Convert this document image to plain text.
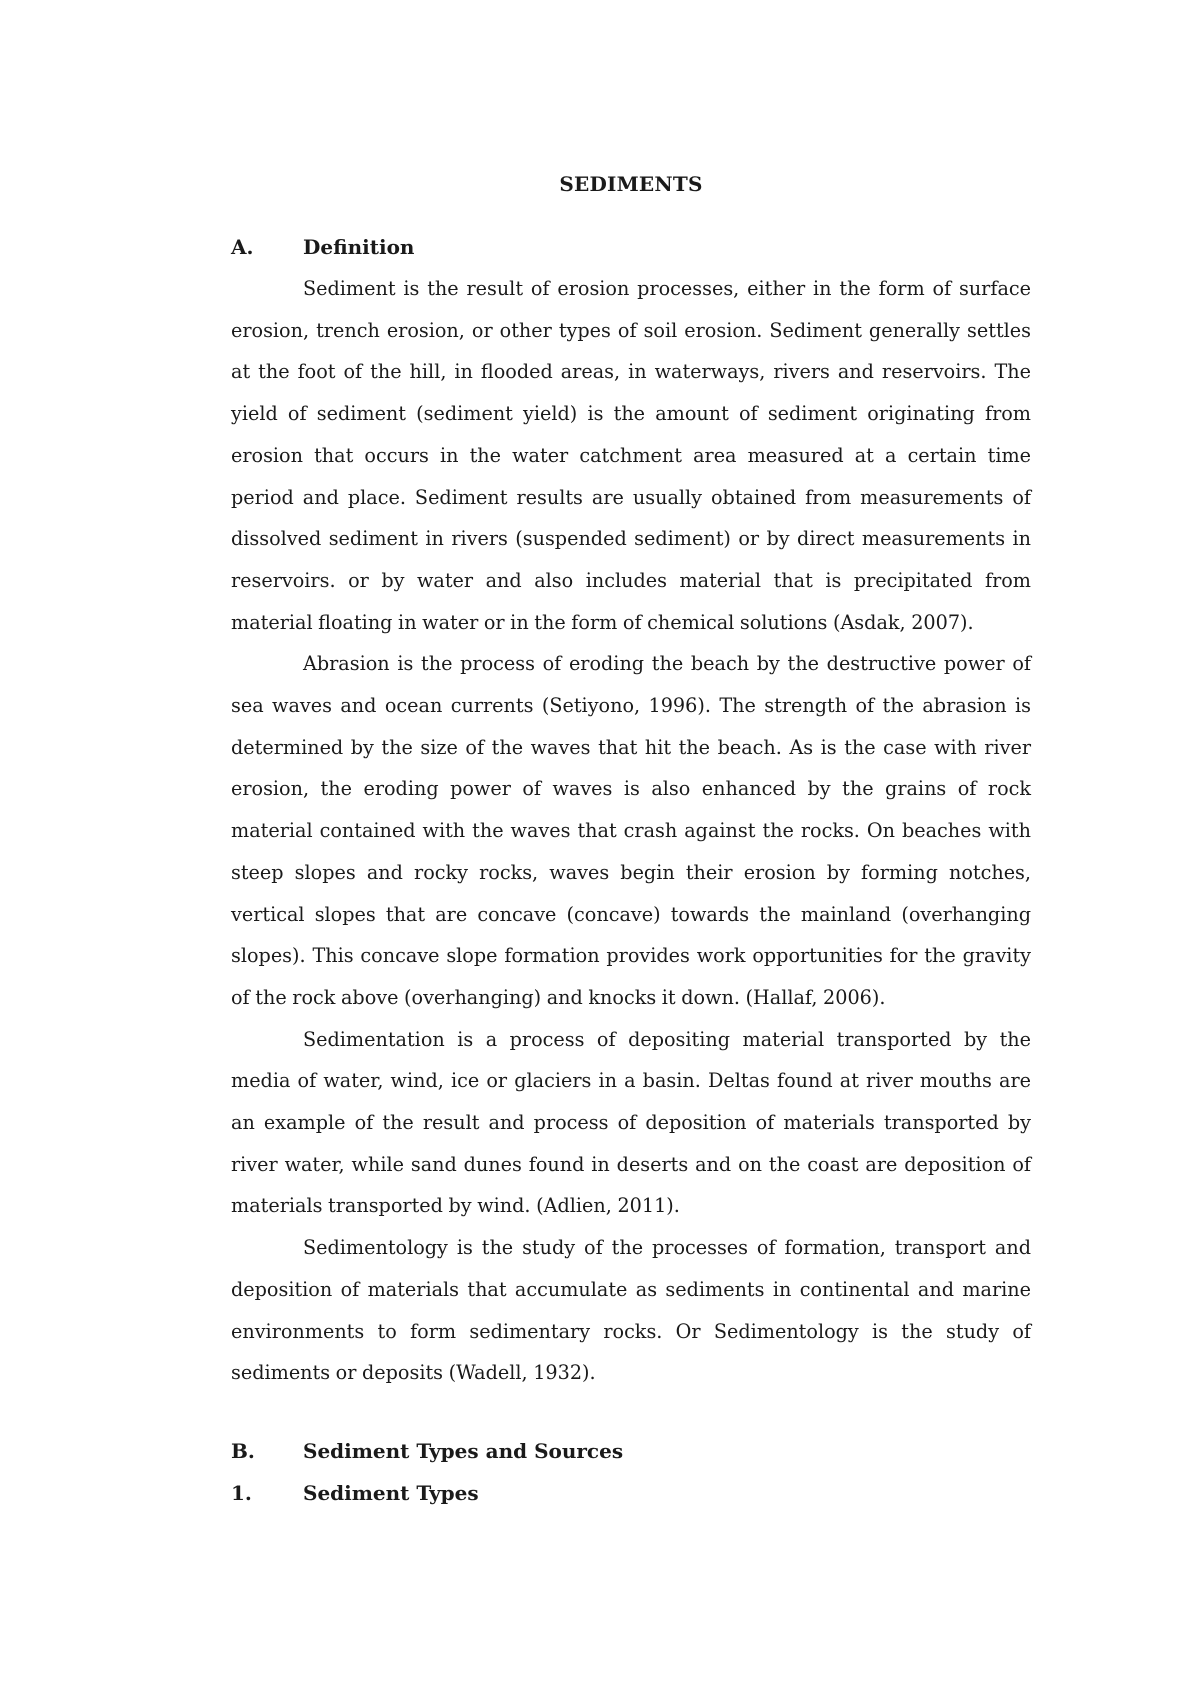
SEDIMENTS
A.	Definition

Sediment is the result of erosion processes, either in the form of surface erosion, trench erosion, or other types of soil erosion. Sediment generally settles at the foot of the hill, in flooded areas, in waterways, rivers and reservoirs. The yield of sediment (sediment yield) is the amount of sediment originating from erosion that occurs in the water catchment area measured at a certain time period and place. Sediment results are usually obtained from measurements of dissolved sediment in rivers (suspended sediment) or by direct measurements in reservoirs. or by water and also includes material that is precipitated from material floating in water or in the form of chemical solutions (Asdak, 2007).

Abrasion is the process of eroding the beach by the destructive power of sea waves and ocean currents (Setiyono, 1996). The strength of the abrasion is determined by the size of the waves that hit the beach. As is the case with river erosion, the eroding power of waves is also enhanced by the grains of rock material contained with the waves that crash against the rocks. On beaches with steep slopes and rocky rocks, waves begin their erosion by forming notches, vertical slopes that are concave (concave) towards the mainland (overhanging slopes). This concave slope formation provides work opportunities for the gravity of the rock above (overhanging) and knocks it down. (Hallaf, 2006).

Sedimentation is a process of depositing material transported by the media of water, wind, ice or glaciers in a basin. Deltas found at river mouths are an example of the result and process of deposition of materials transported by river water, while sand dunes found in deserts and on the coast are deposition of materials transported by wind. (Adlien, 2011).

Sedimentology is the study of the processes of formation, transport and deposition of materials that accumulate as sediments in continental and marine environments to form sedimentary rocks. Or Sedimentology is the study of sediments or deposits (Wadell, 1932).

B.	Sediment Types and Sources
1.	Sediment Types
